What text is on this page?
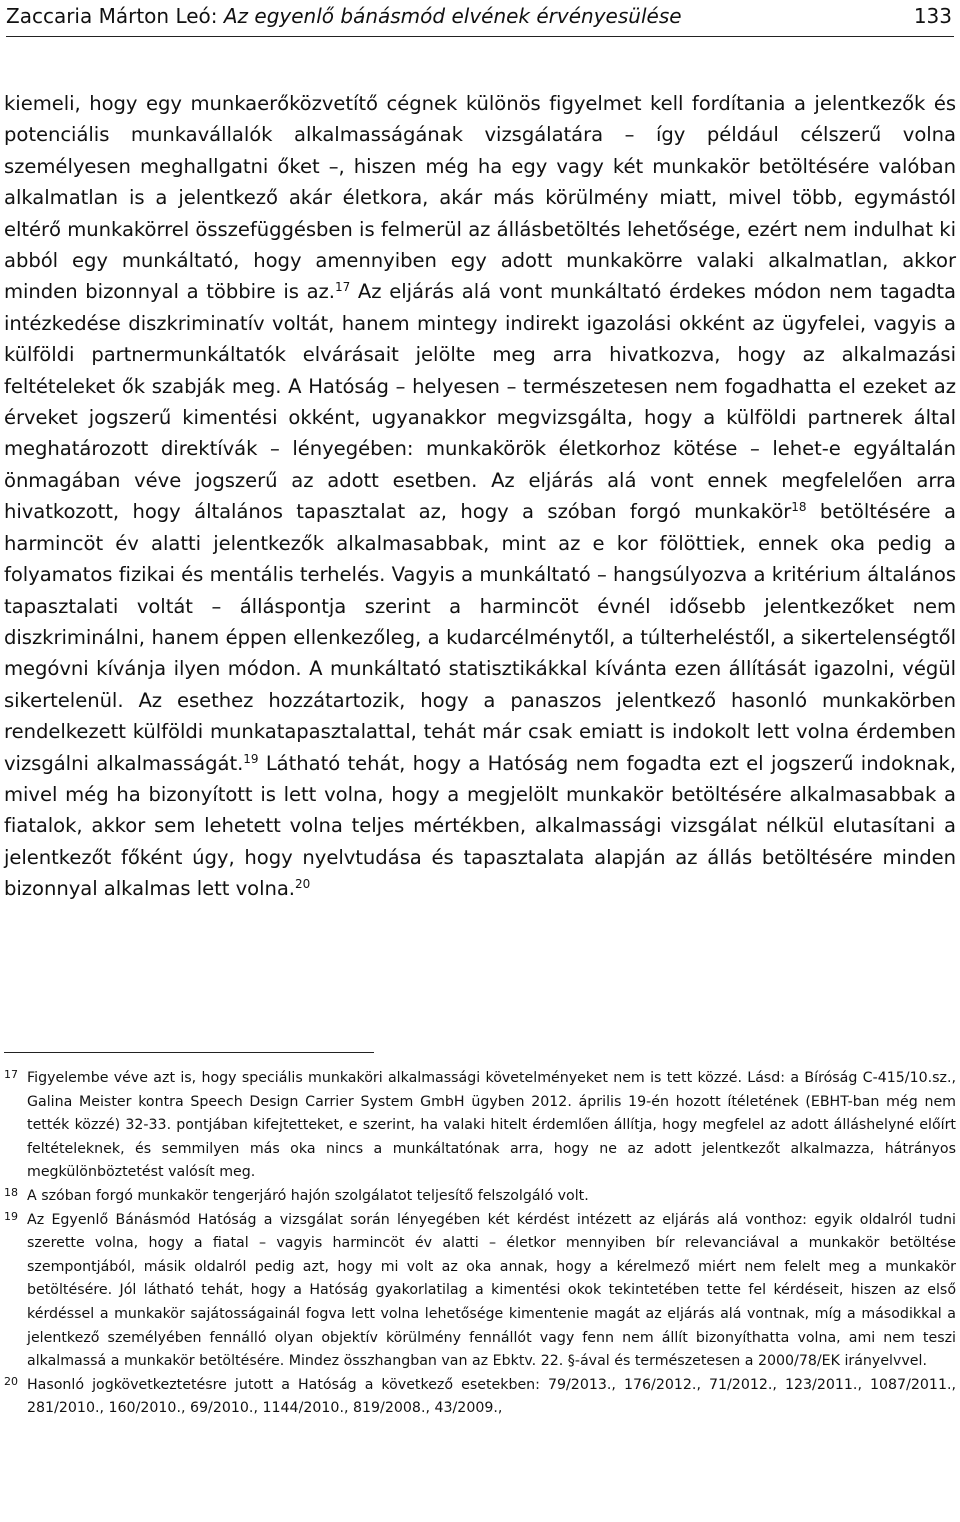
Zaccaria Márton Leó: Az egyenlő bánásmód elvének érvényesülése	133
kiemeli, hogy egy munkaerőközvetítő cégnek különös figyelmet kell fordítania a jelentkezők és potenciális munkavállalók alkalmasságának vizsgálatára – így például célszerű volna személyesen meghallgatni őket –, hiszen még ha egy vagy két munkakör betöltésére valóban alkalmatlan is a jelentkező akár életkora, akár más körülmény miatt, mivel több, egymástól eltérő munkakörrel összefüggésben is felmerül az állásbetöltés lehetősége, ezért nem indulhat ki abból egy munkáltató, hogy amennyiben egy adott munkakörre valaki alkalmatlan, akkor minden bizonnyal a többire is az.$^{17}$ Az eljárás alá vont munkáltató érdekes módon nem tagadta intézkedése diszkriminatív voltát, hanem mintegy indirekt igazolási okként az ügyfelei, vagyis a külföldi partnermunkáltatók elvárásait jelölte meg arra hivatkozva, hogy az alkalmazási feltételeket ők szabják meg. A Hatóság – helyesen – természetesen nem fogadhatta el ezeket az érveket jogszerű kimentési okként, ugyanakkor megvizsgálta, hogy a külföldi partnerek által meghatározott direktívák – lényegében: munkakörök életkorhoz kötése – lehet-e egyáltalán önmagában véve jogszerű az adott esetben. Az eljárás alá vont ennek megfelelően arra hivatkozott, hogy általános tapasztalat az, hogy a szóban forgó munkakör$^{18}$ betöltésére a harmincöt év alatti jelentkezők alkalmasabbak, mint az e kor fölöttiek, ennek oka pedig a folyamatos fizikai és mentális terhelés. Vagyis a munkáltató – hangsúlyozva a kritérium általános tapasztalati voltát – álláspontja szerint a harmincöt évnél idősebb jelentkezőket nem diszkriminálni, hanem éppen ellenkezőleg, a kudarcélménytől, a túlterheléstől, a sikertelenségtől megóvni kívánja ilyen módon. A munkáltató statisztikákkal kívánta ezen állítását igazolni, végül sikertelenül. Az esethez hozzátartozik, hogy a panaszos jelentkező hasonló munkakörben rendelkezett külföldi munkatapasztalattal, tehát már csak emiatt is indokolt lett volna érdemben vizsgálni alkalmasságát.$^{19}$ Látható tehát, hogy a Hatóság nem fogadta ezt el jogszerű indoknak, mivel még ha bizonyított is lett volna, hogy a megjelölt munkakör betöltésére alkalmasabbak a fiatalok, akkor sem lehetett volna teljes mértékben, alkalmassági vizsgálat nélkül elutasítani a jelentkezőt főként úgy, hogy nyelvtudása és tapasztalata alapján az állás betöltésére minden bizonnyal alkalmas lett volna.$^{20}$
17 Figyelembe véve azt is, hogy speciális munkaköri alkalmassági követelményeket nem is tett közzé. Lásd: a Bíróság C-415/10.sz., Galina Meister kontra Speech Design Carrier System GmbH ügyben 2012. április 19-én hozott ítéletének (EBHT-ban még nem tették közzé) 32-33. pontjában kifejtetteket, e szerint, ha valaki hitelt érdemlően állítja, hogy megfelel az adott álláshelyné előírt feltételeknek, és semmilyen más oka nincs a munkáltatónak arra, hogy ne az adott jelentkezőt alkalmazza, hátrányos megkülönböztetést valósít meg.
18 A szóban forgó munkakör tengerjáró hajón szolgálatot teljesítő felszolgáló volt.
19 Az Egyenlő Bánásmód Hatóság a vizsgálat során lényegében két kérdést intézett az eljárás alá vonthoz: egyik oldalról tudni szerette volna, hogy a fiatal – vagyis harmincöt év alatti – életkor mennyiben bír relevanciával a munkakör betöltése szempontjából, másik oldalról pedig azt, hogy mi volt az oka annak, hogy a kérelmező miért nem felelt meg a munkakör betöltésére. Jól látható tehát, hogy a Hatóság gyakorlatilag a kimentési okok tekintetében tette fel kérdéseit, hiszen az első kérdéssel a munkakör sajátosságainál fogva lett volna lehetősége kimentenie magát az eljárás alá vontnak, míg a másodikkal a jelentkező személyében fennálló olyan objektív körülmény fennállót vagy fenn nem állít bizonyíthatta volna, ami nem teszi alkalmassá a munkakör betöltésére. Mindez összhangban van az Ebktv. 22. §-ával és természetesen a 2000/78/EK irányelvvel.
20 Hasonló jogkövetkeztetésre jutott a Hatóság a következő esetekben: 79/2013., 176/2012., 71/2012., 123/2011., 1087/2011., 281/2010., 160/2010., 69/2010., 1144/2010., 819/2008., 43/2009.,
